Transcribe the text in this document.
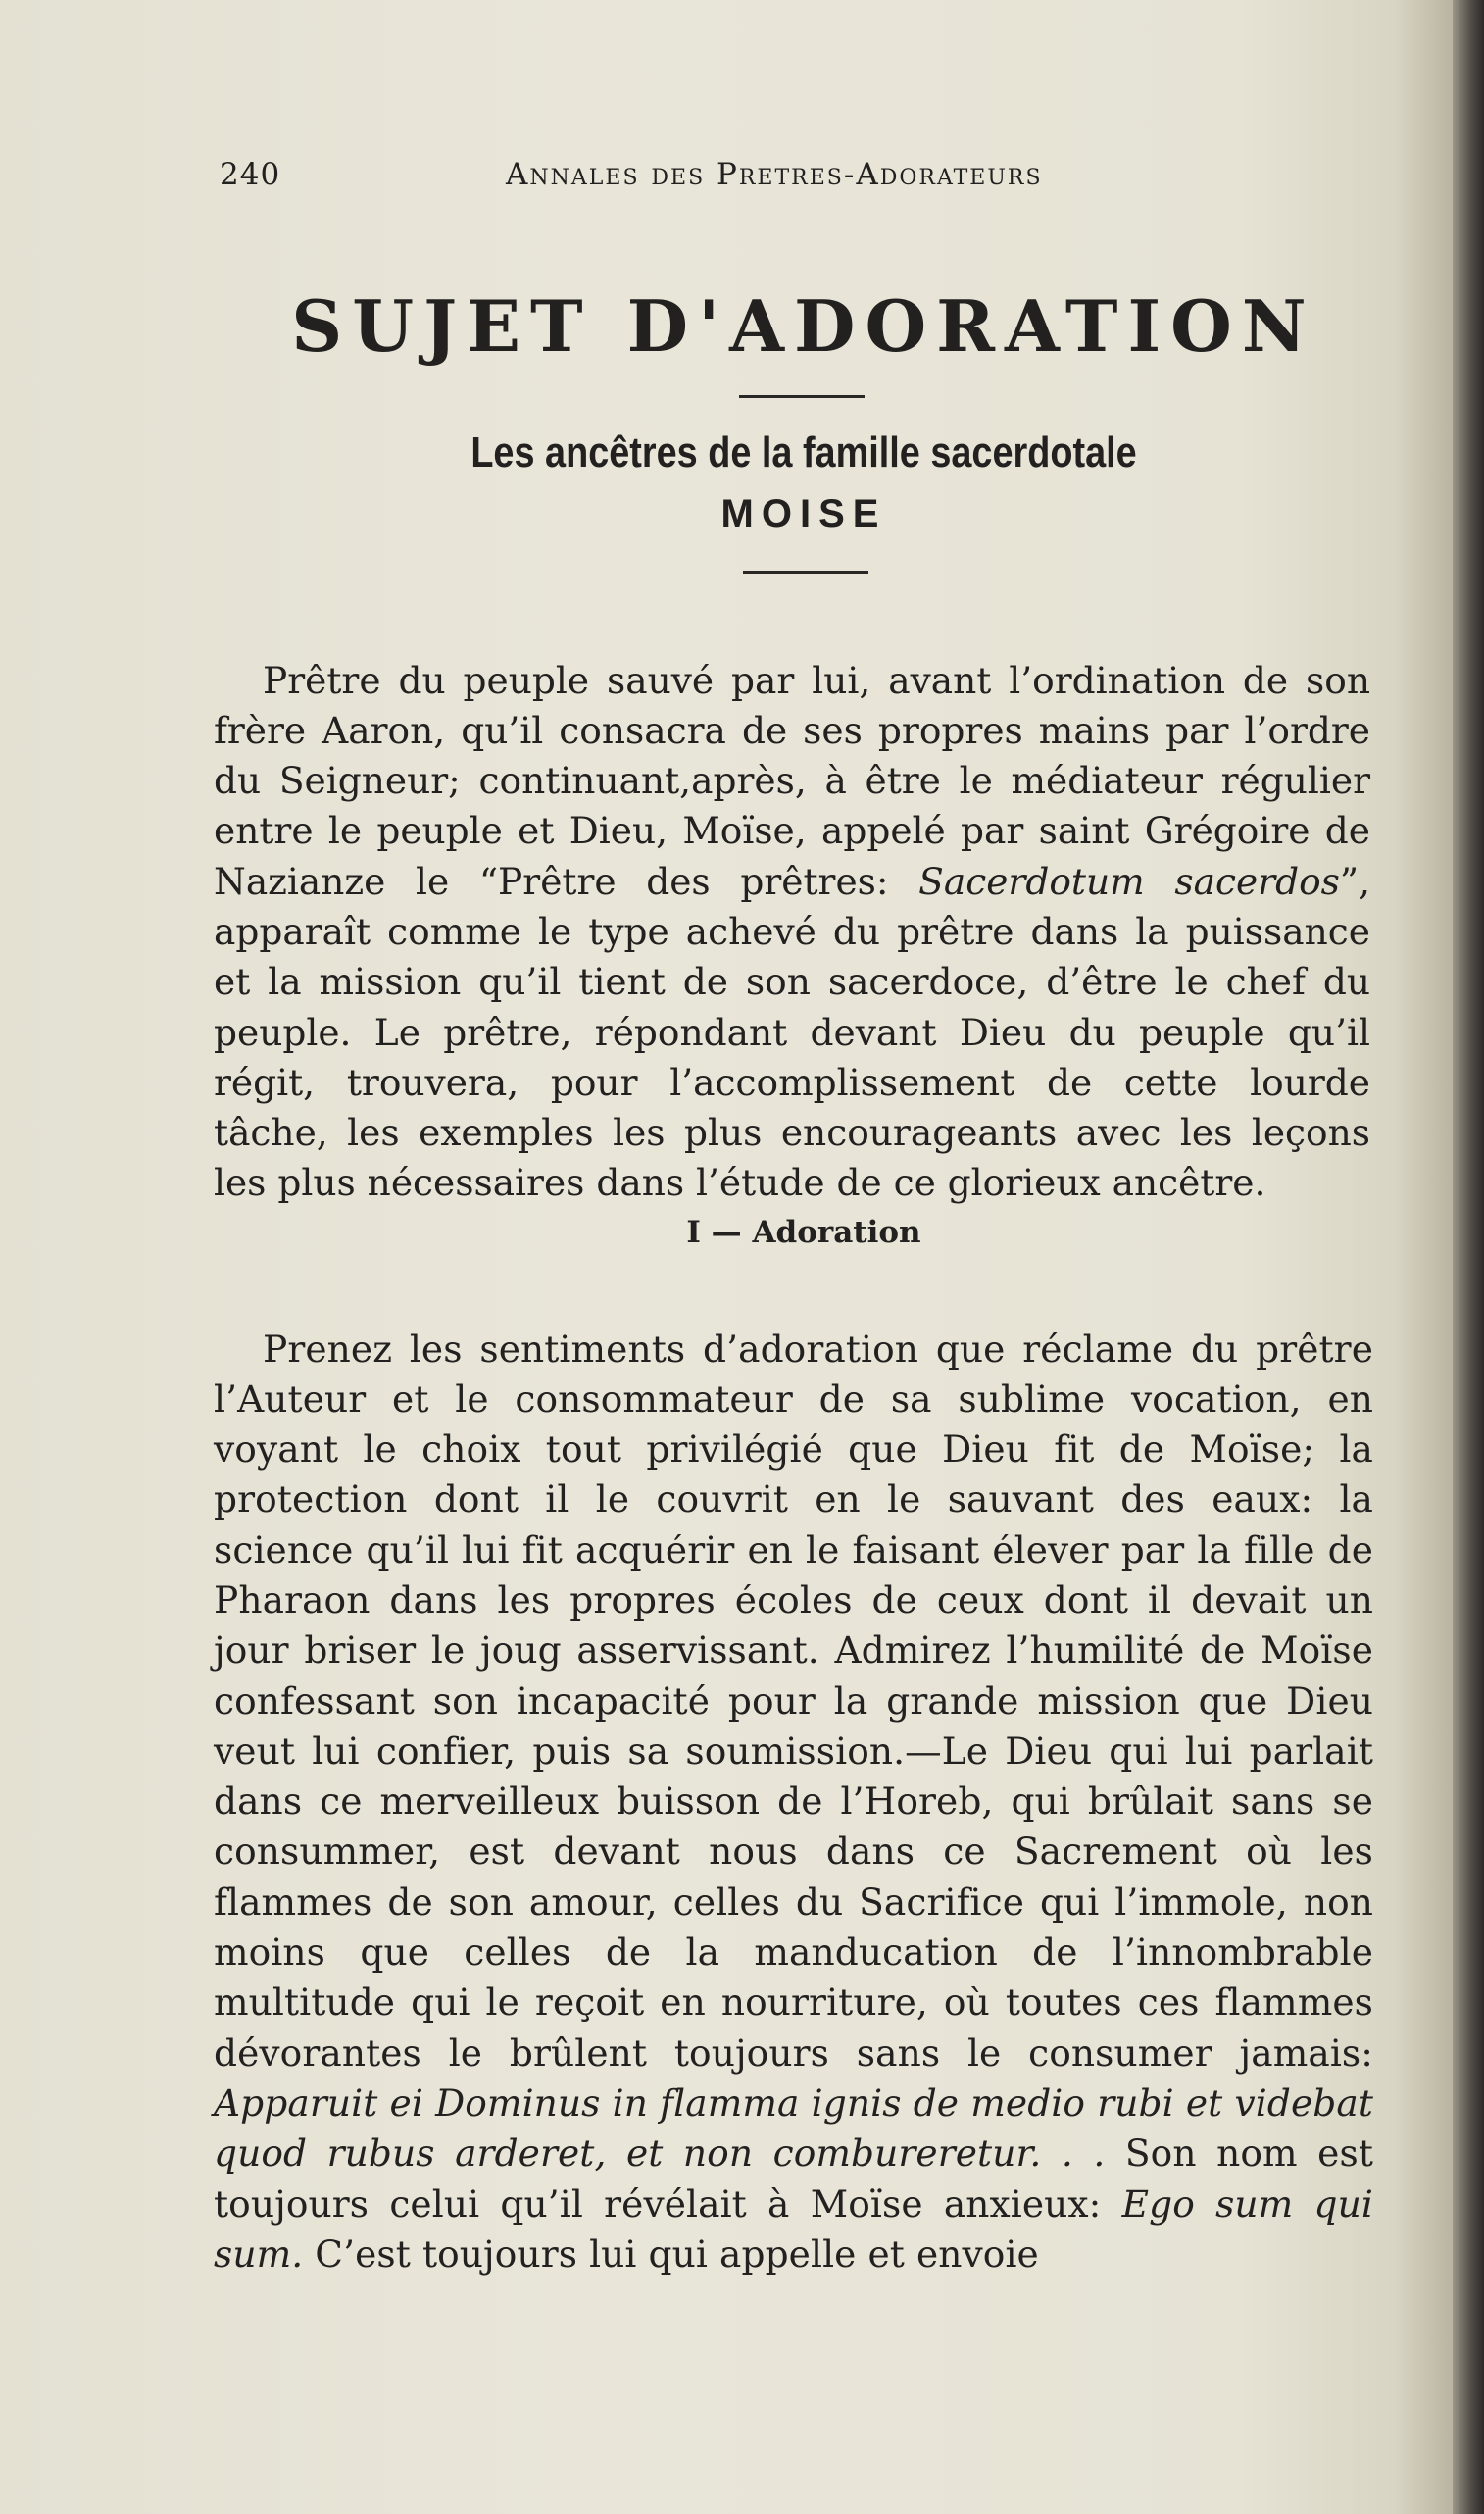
240	Annales des Pretres-Adorateurs
SUJET D'ADORATION
Les ancêtres de la famille sacerdotale
MOISE

Prêtre du peuple sauvé par lui, avant l’ordination de son frère Aaron, qu’il consacra de ses propres mains par l’ordre du Seigneur; continuant,après, à être le médiateur régulier entre le peuple et Dieu, Moïse, appelé par saint Grégoire de Nazianze le “Prêtre des prêtres: Sacerdotum sacerdos”, apparaît comme le type achevé du prêtre dans la puissance et la mission qu’il tient de son sacerdoce, d’être le chef du peuple. Le prêtre, répondant devant Dieu du peuple qu’il régit, trouvera, pour l’accomplissement de cette lourde tâche, les exemples les plus encourageants avec les leçons les plus nécessaires dans l’étude de ce glorieux ancêtre.

I — Adoration

Prenez les sentiments d’adoration que réclame du prêtre l’Auteur et le consommateur de sa sublime vocation, en voyant le choix tout privilégié que Dieu fit de Moïse; la protection dont il le couvrit en le sauvant des eaux: la science qu’il lui fit acquérir en le faisant élever par la fille de Pharaon dans les propres écoles de ceux dont il devait un jour briser le joug asservissant. Admirez l’humilité de Moïse confessant son incapacité pour la grande mission que Dieu veut lui confier, puis sa soumission.—Le Dieu qui lui parlait dans ce merveilleux buisson de l’Horeb, qui brûlait sans se consummer, est devant nous dans ce Sacrement où les flammes de son amour, celles du Sacrifice qui l’immole, non moins que celles de la manducation de l’innombrable multitude qui le reçoit en nourriture, où toutes ces flammes dévorantes le brûlent toujours sans le consumer jamais: Apparuit ei Dominus in flamma ignis de medio rubi et videbat quod rubus arderet, et non combureretur. . . Son nom est toujours celui qu’il révélait à Moïse anxieux: Ego sum qui sum. C’est toujours lui qui appelle et envoie
